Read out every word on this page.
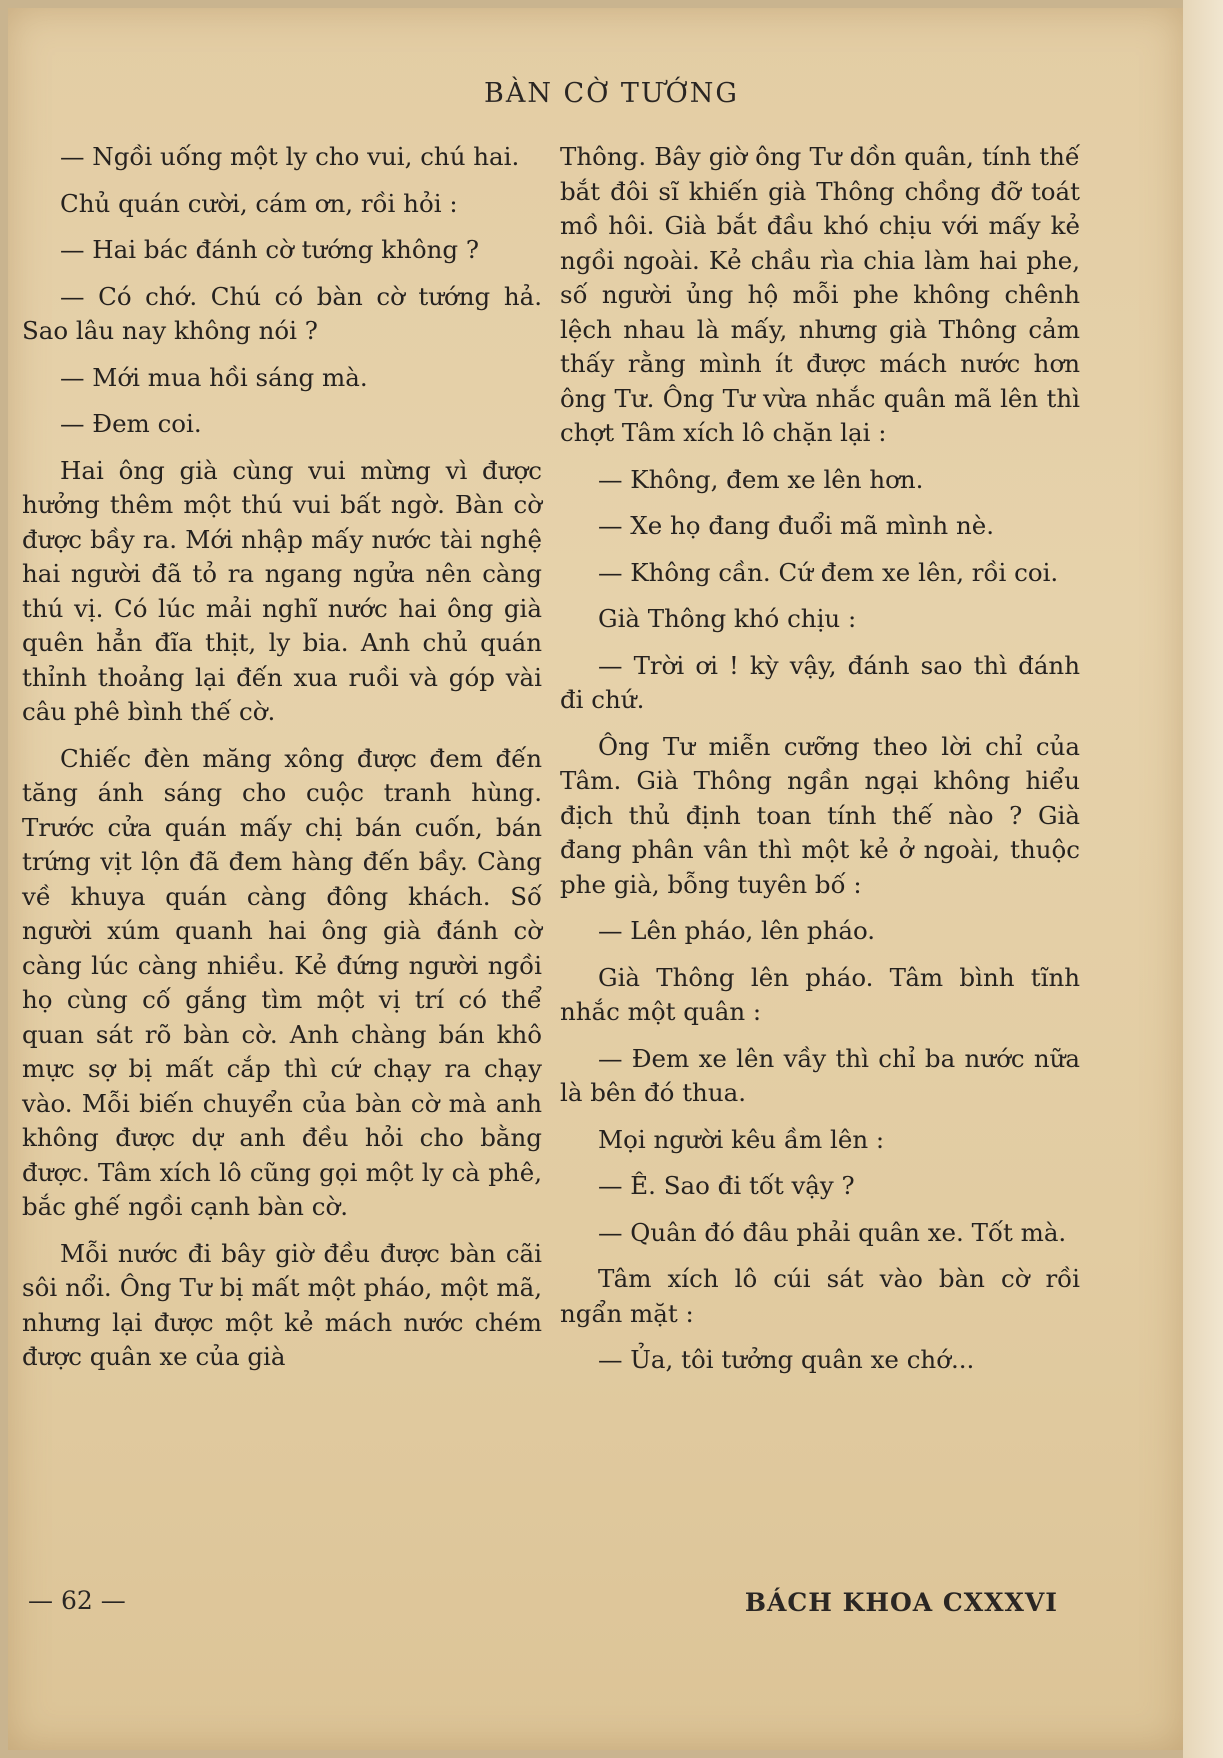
BÀN CỜ TƯỚNG

— Ngồi uống một ly cho vui, chú hai.

Chủ quán cười, cám ơn, rồi hỏi :

— Hai bác đánh cờ tướng không ?

— Có chớ. Chú có bàn cờ tướng hả. Sao lâu nay không nói ?

— Mới mua hồi sáng mà.

— Đem coi.

Hai ông già cùng vui mừng vì được hưởng thêm một thú vui bất ngờ. Bàn cờ được bầy ra. Mới nhập mấy nước tài nghệ hai người đã tỏ ra ngang ngửa nên càng thú vị. Có lúc mải nghĩ nước hai ông già quên hẳn đĩa thịt, ly bia. Anh chủ quán thỉnh thoảng lại đến xua ruồi và góp vài câu phê bình thế cờ.

Chiếc đèn măng xông được đem đến tăng ánh sáng cho cuộc tranh hùng. Trước cửa quán mấy chị bán cuốn, bán trứng vịt lộn đã đem hàng đến bầy. Càng về khuya quán càng đông khách. Số người xúm quanh hai ông già đánh cờ càng lúc càng nhiều. Kẻ đứng người ngồi họ cùng cố gắng tìm một vị trí có thể quan sát rõ bàn cờ. Anh chàng bán khô mực sợ bị mất cắp thì cứ chạy ra chạy vào. Mỗi biến chuyển của bàn cờ mà anh không được dự anh đều hỏi cho bằng được. Tâm xích lô cũng gọi một ly cà phê, bắc ghế ngồi cạnh bàn cờ.

Mỗi nước đi bây giờ đều được bàn cãi sôi nổi. Ông Tư bị mất một pháo, một mã, nhưng lại được một kẻ mách nước chém được quân xe của già

Thông. Bây giờ ông Tư dồn quân, tính thế bắt đôi sĩ khiến già Thông chồng đỡ toát mồ hôi. Già bắt đầu khó chịu với mấy kẻ ngồi ngoài. Kẻ chầu rìa chia làm hai phe, số người ủng hộ mỗi phe không chênh lệch nhau là mấy, nhưng già Thông cảm thấy rằng mình ít được mách nước hơn ông Tư. Ông Tư vừa nhắc quân mã lên thì chợt Tâm xích lô chặn lại :

— Không, đem xe lên hơn.

— Xe họ đang đuổi mã mình nè.

— Không cần. Cứ đem xe lên, rồi coi.

Già Thông khó chịu :

— Trời ơi ! kỳ vậy, đánh sao thì đánh đi chứ.

Ông Tư miễn cưỡng theo lời chỉ của Tâm. Già Thông ngần ngại không hiểu địch thủ định toan tính thế nào ? Già đang phân vân thì một kẻ ở ngoài, thuộc phe già, bỗng tuyên bố :

— Lên pháo, lên pháo.

Già Thông lên pháo. Tâm bình tĩnh nhắc một quân :

— Đem xe lên vầy thì chỉ ba nước nữa là bên đó thua.

Mọi người kêu ầm lên :

— Ê. Sao đi tốt vậy ?

— Quân đó đâu phải quân xe. Tốt mà.

Tâm xích lô cúi sát vào bàn cờ rồi ngẩn mặt :

— Ủa, tôi tưởng quân xe chớ...

— 62 —	BÁCH KHOA CXXXVI
